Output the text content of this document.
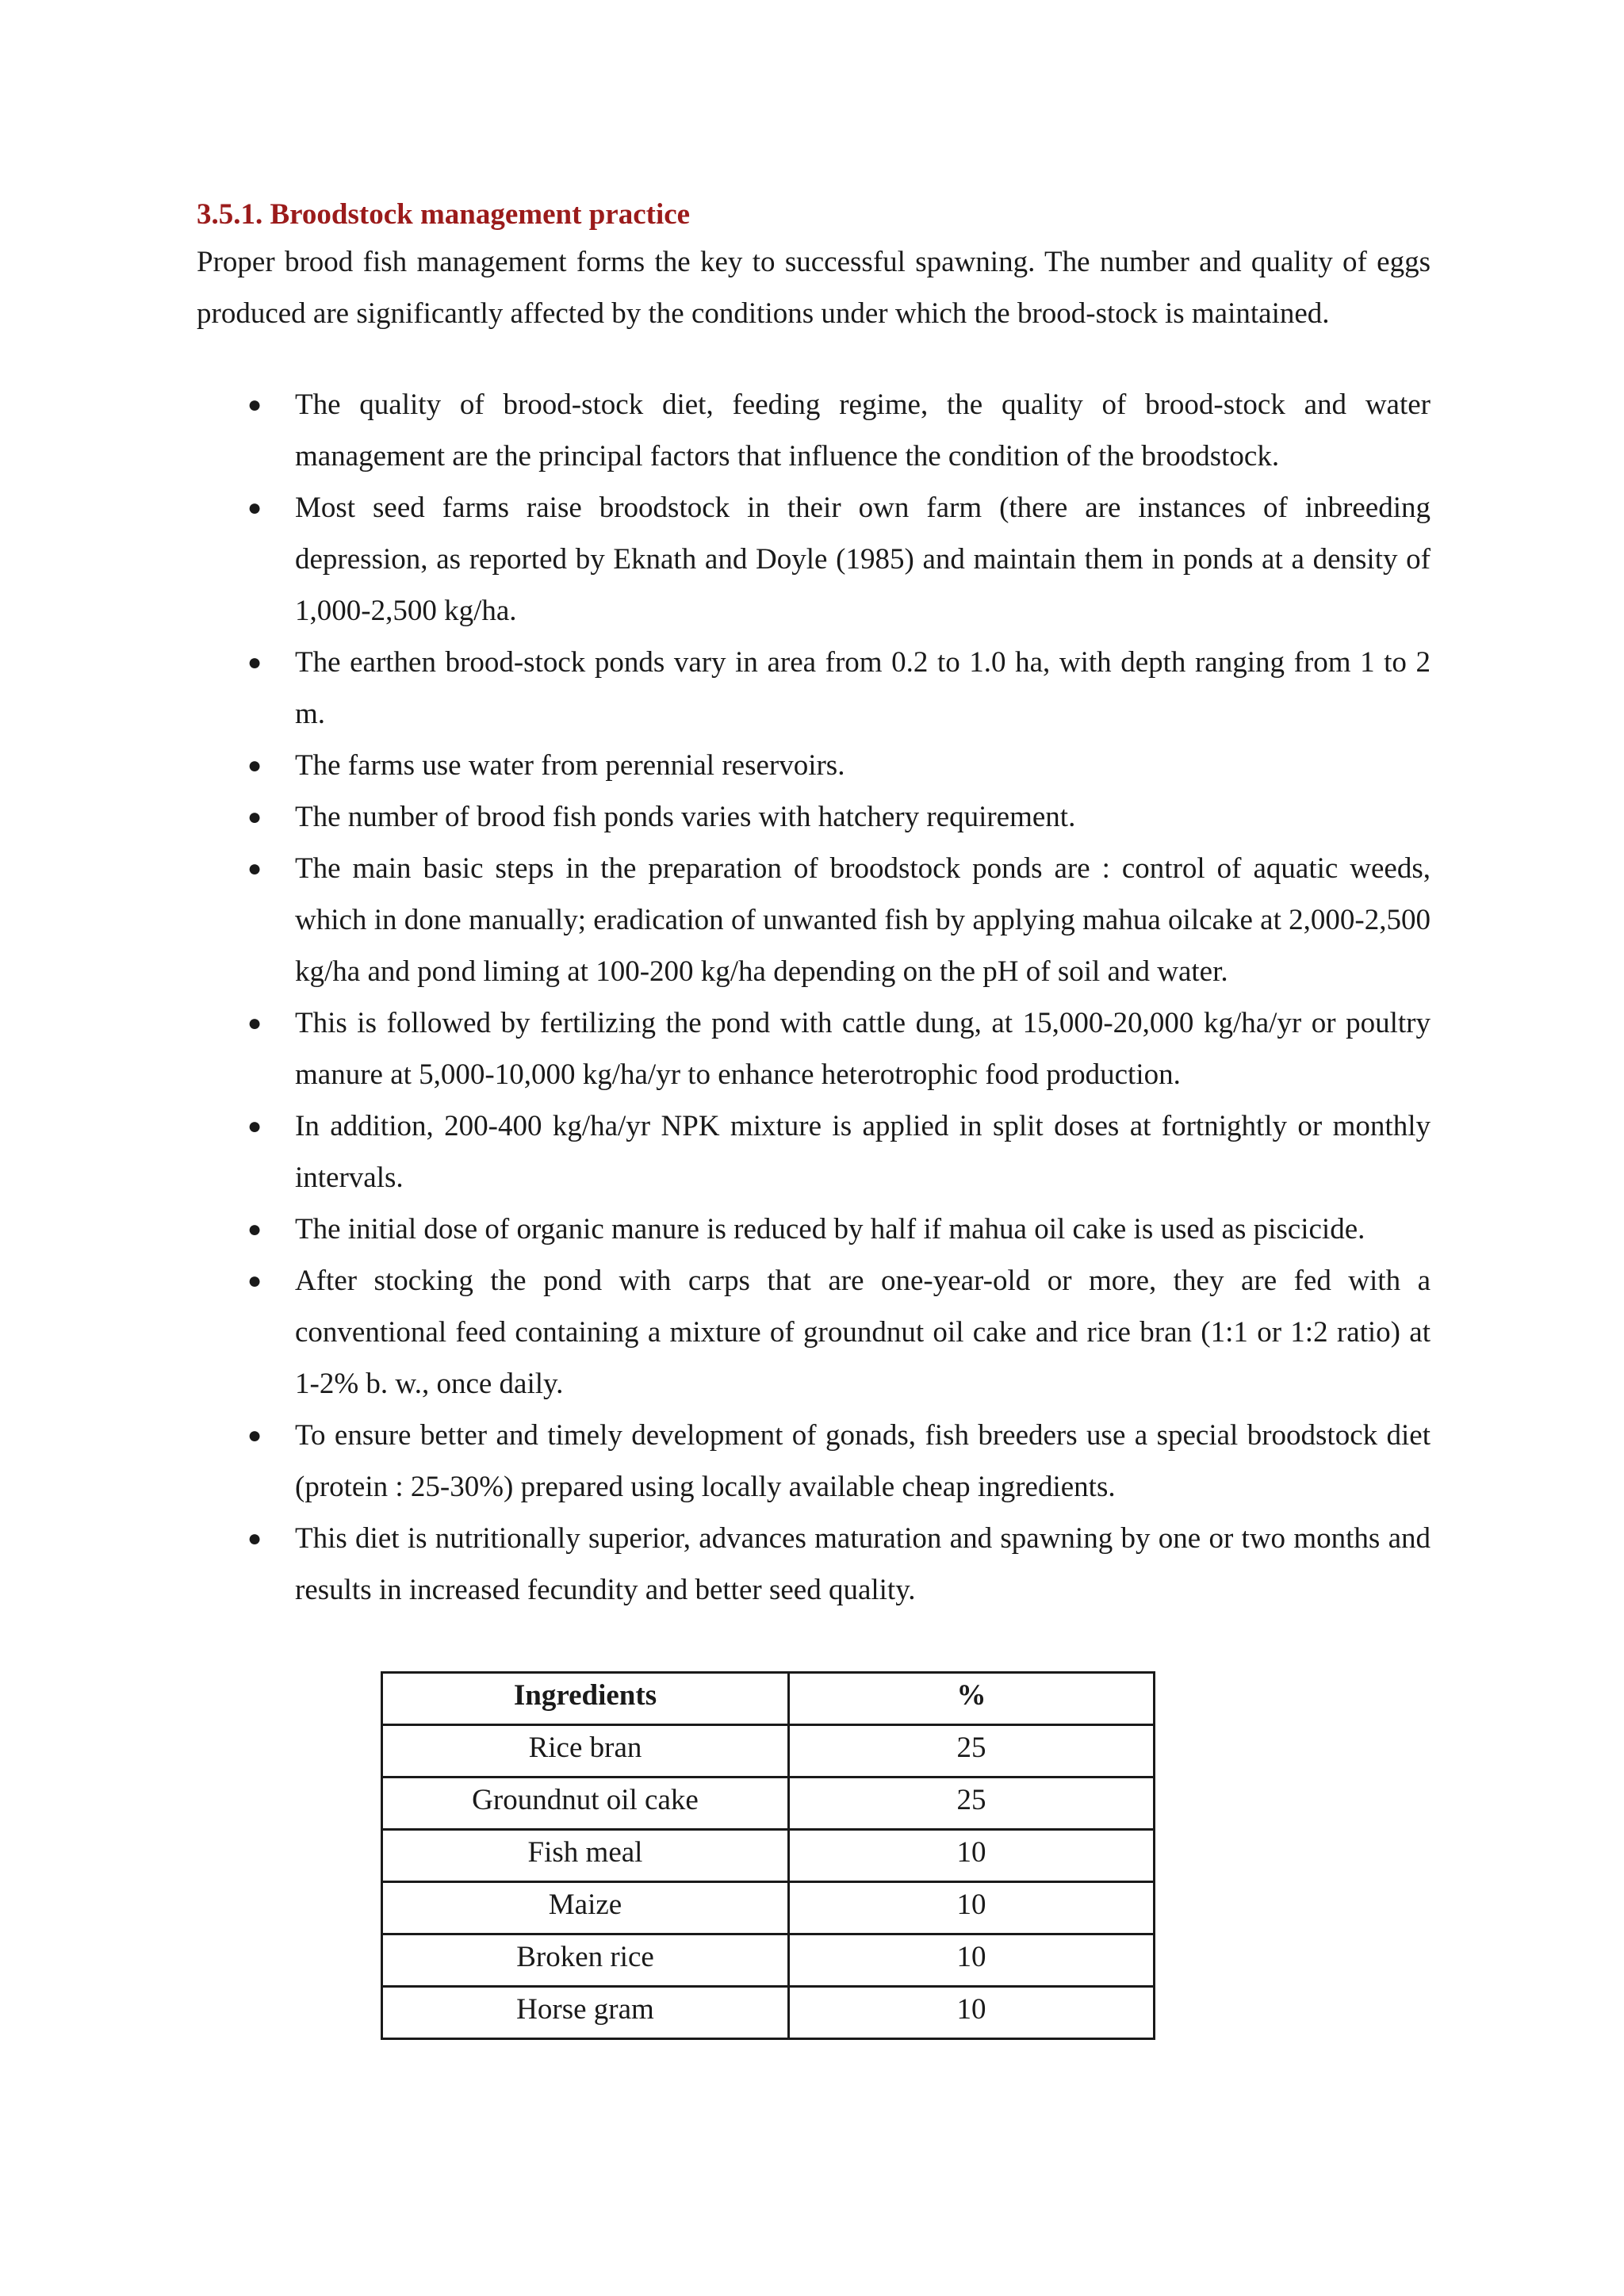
3.5.1. Broodstock management practice

Proper brood fish management forms the key to successful spawning. The number and quality of eggs produced are significantly affected by the conditions under which the brood-stock is maintained.

● The quality of brood-stock diet, feeding regime, the quality of brood-stock and water management are the principal factors that influence the condition of the broodstock.
● Most seed farms raise broodstock in their own farm (there are instances of inbreeding depression, as reported by Eknath and Doyle (1985) and maintain them in ponds at a density of 1,000-2,500 kg/ha.
● The earthen brood-stock ponds vary in area from 0.2 to 1.0 ha, with depth ranging from 1 to 2 m.
● The farms use water from perennial reservoirs.
● The number of brood fish ponds varies with hatchery requirement.
● The main basic steps in the preparation of broodstock ponds are : control of aquatic weeds, which in done manually; eradication of unwanted fish by applying mahua oilcake at 2,000-2,500 kg/ha and pond liming at 100-200 kg/ha depending on the pH of soil and water.
● This is followed by fertilizing the pond with cattle dung, at 15,000-20,000 kg/ha/yr or poultry manure at 5,000-10,000 kg/ha/yr to enhance heterotrophic food production.
● In addition, 200-400 kg/ha/yr NPK mixture is applied in split doses at fortnightly or monthly intervals.
● The initial dose of organic manure is reduced by half if mahua oil cake is used as piscicide.
● After stocking the pond with carps that are one-year-old or more, they are fed with a conventional feed containing a mixture of groundnut oil cake and rice bran (1:1 or 1:2 ratio) at 1-2% b. w., once daily.
● To ensure better and timely development of gonads, fish breeders use a special broodstock diet (protein : 25-30%) prepared using locally available cheap ingredients.
● This diet is nutritionally superior, advances maturation and spawning by one or two months and results in increased fecundity and better seed quality.
Ingredients	%
Rice bran	25
Groundnut oil cake	25
Fish meal	10
Maize	10
Broken rice	10
Horse gram	10
